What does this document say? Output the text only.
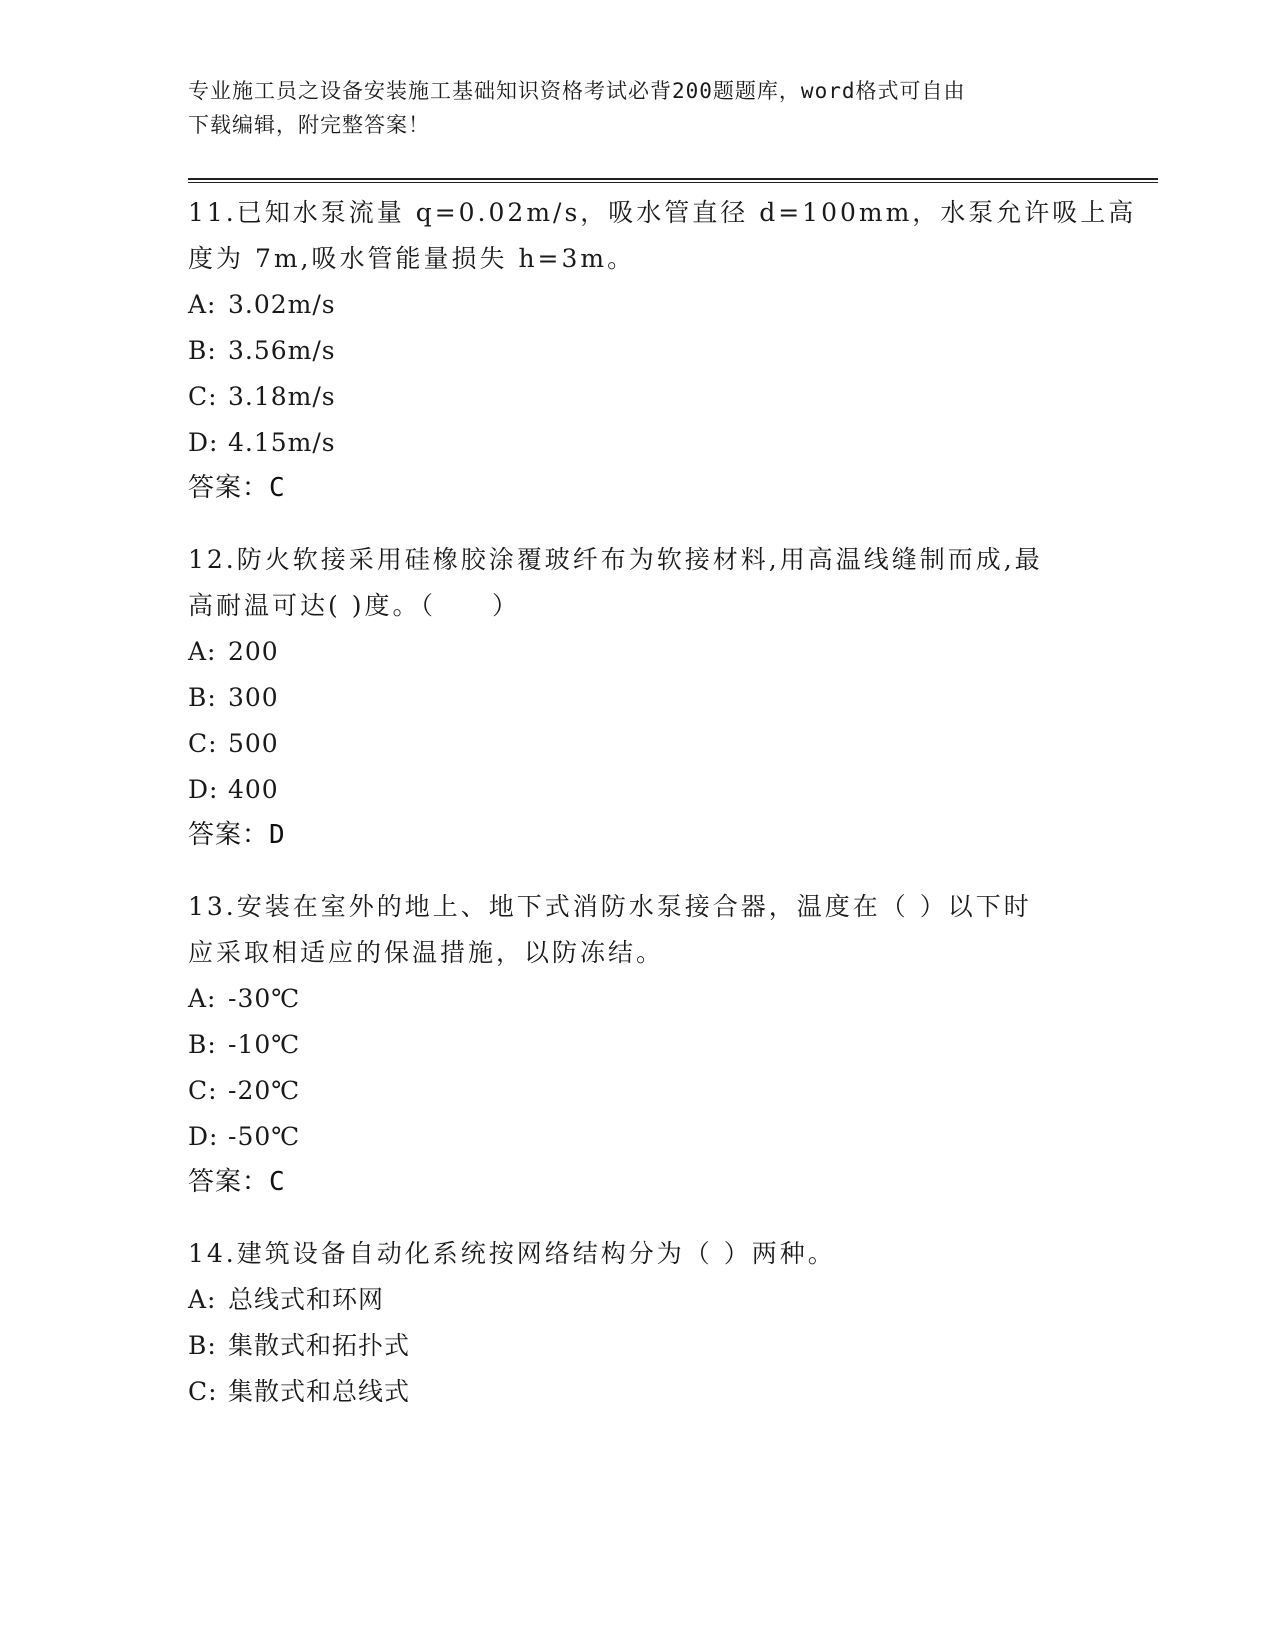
专业施工员之设备安装施工基础知识资格考试必背200题题库，word格式可自由
下载编辑，附完整答案！
11.已知水泵流量 q=0.02m/s，吸水管直径 d=100mm，水泵允许吸上高
度为 7m,吸水管能量损失 h=3m。
A: 3.02m/s
B: 3.56m/s
C: 3.18m/s
D: 4.15m/s
答案：C
12.防火软接采用硅橡胶涂覆玻纤布为软接材料,用高温线缝制而成,最
高耐温可达( )度。（　　）
A: 200
B: 300
C: 500
D: 400
答案：D
13.安装在室外的地上、地下式消防水泵接合器，温度在（ ）以下时
应采取相适应的保温措施，以防冻结。
A: -30℃
B: -10℃
C: -20℃
D: -50℃
答案：C
14.建筑设备自动化系统按网络结构分为（ ）两种。
A: 总线式和环网
B: 集散式和拓扑式
C: 集散式和总线式
